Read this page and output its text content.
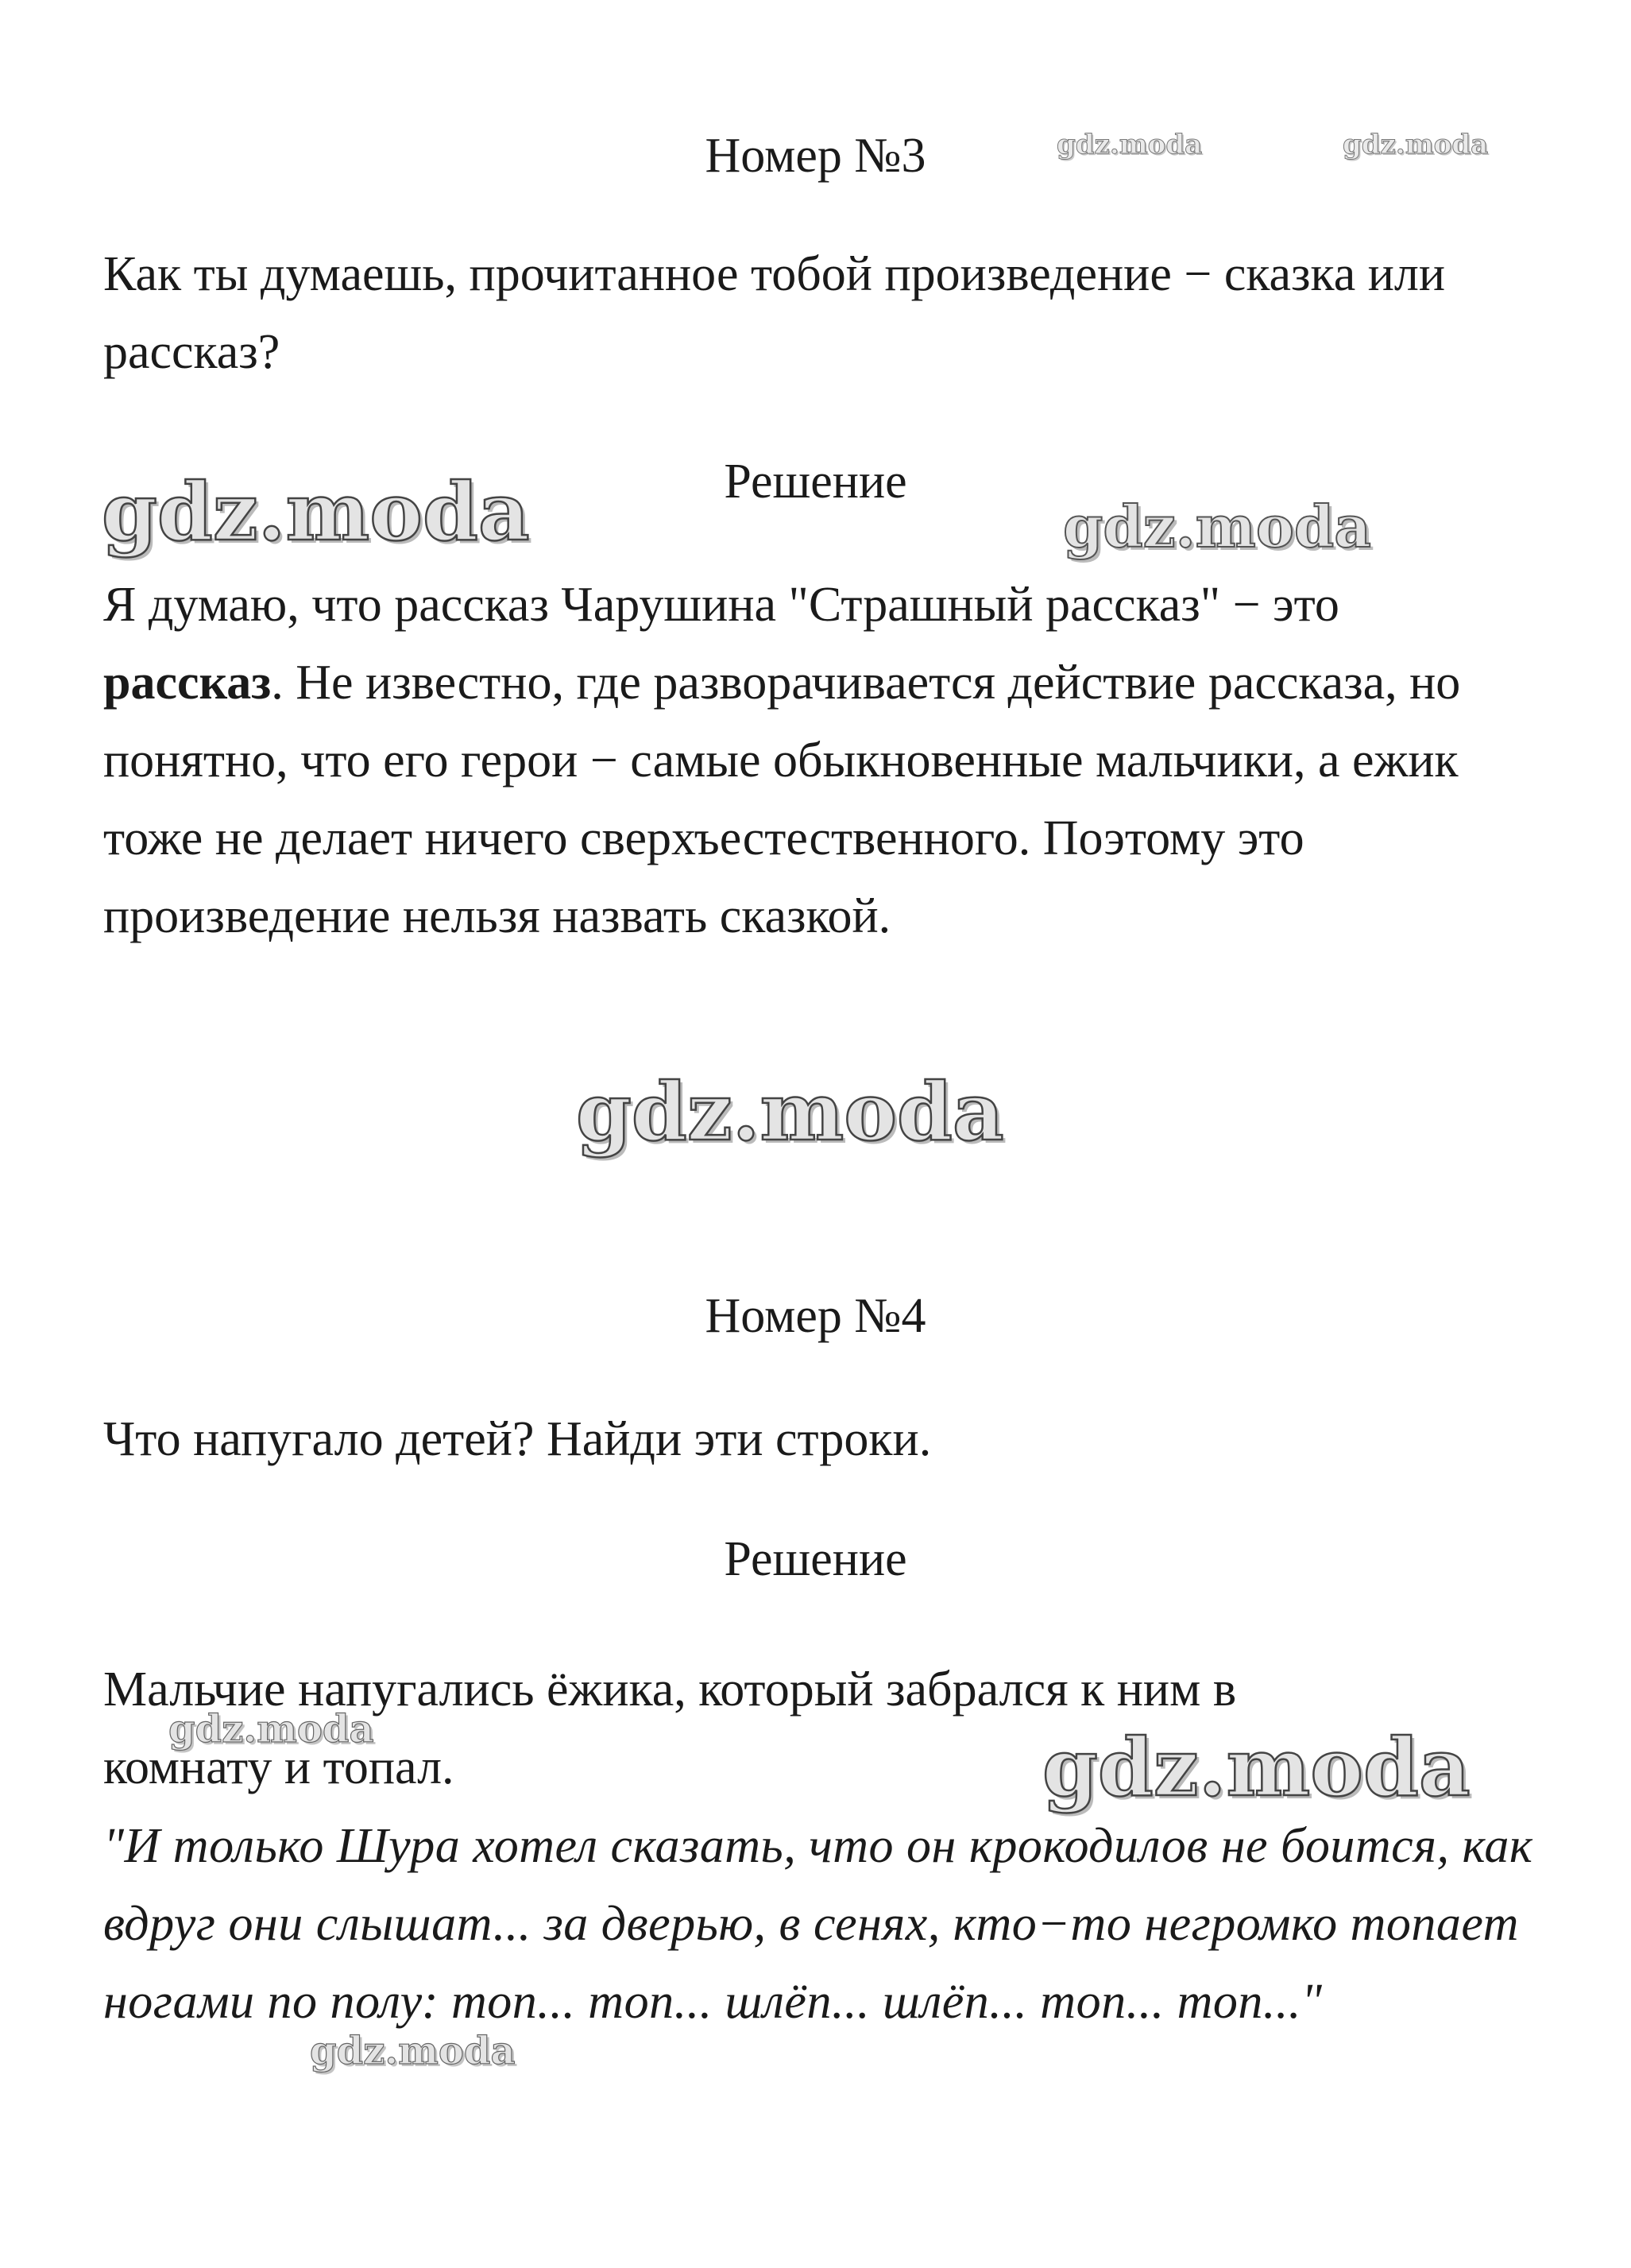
Номер №3

Как ты думаешь, прочитанное тобой произведение − сказка или рассказ?

Решение

Я думаю, что рассказ Чарушина "Страшный рассказ" − это рассказ. Не известно, где разворачивается действие рассказа, но понятно, что его герои − самые обыкновенные мальчики, а ежик тоже не делает ничего сверхъестественного. Поэтому это произведение нельзя назвать сказкой.

Номер №4

Что напугало детей? Найди эти строки.

Решение

Мальчие напугались ёжика, который забрался к ним в комнату и топал.

"И только Шура хотел сказать, что он крокодилов не боится, как вдруг они слышат... за дверью, в сенях, кто−то негромко топает ногами по полу: топ... топ... шлёп... шлёп... топ... топ..."

gdz.moda	gdz.moda
gdz.moda	gdz.moda
gdz.moda
gdz.moda	gdz.moda
gdz.moda
